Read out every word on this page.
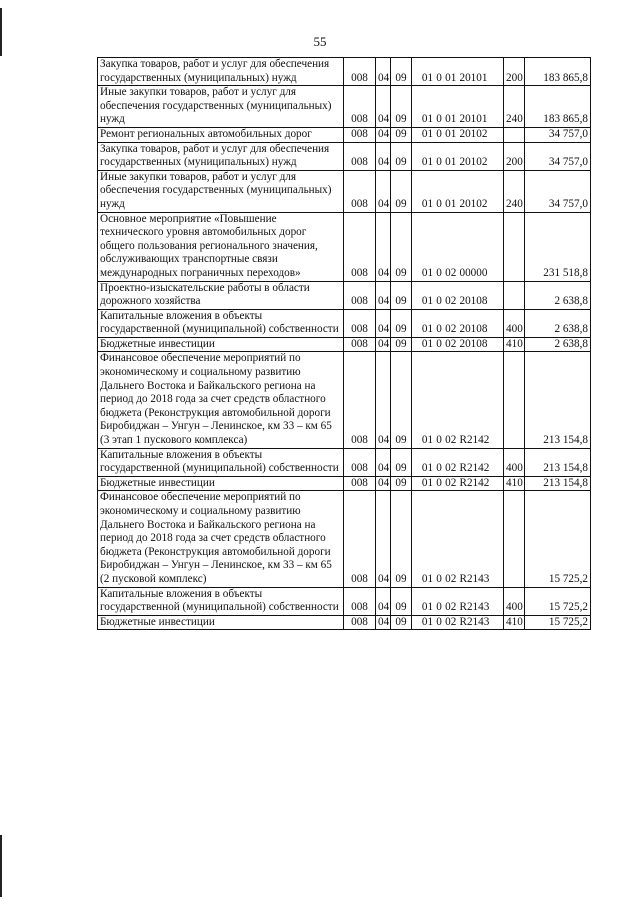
55
Закупка товаров, работ и услуг для обеспечения государственных (муниципальных) нужд	008	04	09	01 0 01 20101	200	183 865,8
Иные закупки товаров, работ и услуг для обеспечения государственных (муниципальных) нужд	008	04	09	01 0 01 20101	240	183 865,8
Ремонт региональных автомобильных дорог	008	04	09	01 0 01 20102		34 757,0
Закупка товаров, работ и услуг для обеспечения государственных (муниципальных) нужд	008	04	09	01 0 01 20102	200	34 757,0
Иные закупки товаров, работ и услуг для обеспечения государственных (муниципальных) нужд	008	04	09	01 0 01 20102	240	34 757,0
Основное мероприятие «Повышение технического уровня автомобильных дорог общего пользования регионального значения, обслуживающих транспортные связи международных пограничных переходов»	008	04	09	01 0 02 00000		231 518,8
Проектно-изыскательские работы в области дорожного хозяйства	008	04	09	01 0 02 20108		2 638,8
Капитальные вложения в объекты государственной (муниципальной) собственности	008	04	09	01 0 02 20108	400	2 638,8
Бюджетные инвестиции	008	04	09	01 0 02 20108	410	2 638,8
Финансовое обеспечение мероприятий по экономическому и социальному развитию Дальнего Востока и Байкальского региона на период до 2018 года за счет средств областного бюджета (Реконструкция автомобильной дороги Биробиджан – Унгун – Ленинское, км 33 – км 65 (3 этап 1 пускового комплекса)	008	04	09	01 0 02 R2142		213 154,8
Капитальные вложения в объекты государственной (муниципальной) собственности	008	04	09	01 0 02 R2142	400	213 154,8
Бюджетные инвестиции	008	04	09	01 0 02 R2142	410	213 154,8
Финансовое обеспечение мероприятий по экономическому и социальному развитию Дальнего Востока и Байкальского региона на период до 2018 года за счет средств областного бюджета (Реконструкция автомобильной дороги Биробиджан – Унгун – Ленинское, км 33 – км 65 (2 пусковой комплекс)	008	04	09	01 0 02 R2143		15 725,2
Капитальные вложения в объекты государственной (муниципальной) собственности	008	04	09	01 0 02 R2143	400	15 725,2
Бюджетные инвестиции	008	04	09	01 0 02 R2143	410	15 725,2
